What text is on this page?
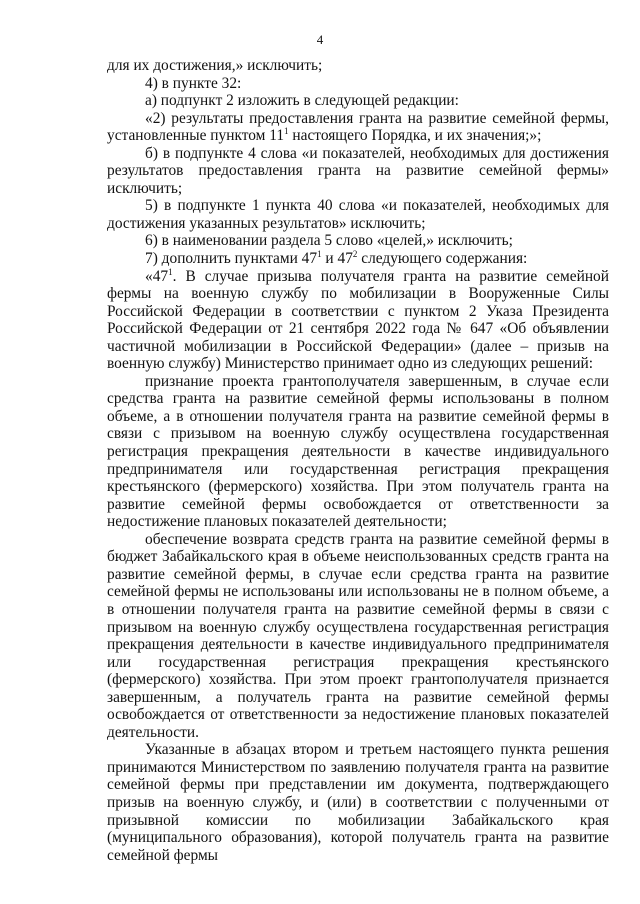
4

для их достижения,» исключить;

4) в пункте 32:

а) подпункт 2 изложить в следующей редакции:

«2) результаты предоставления гранта на развитие семейной фермы, установленные пунктом $11^1$ настоящего Порядка, и их значения;»;

б) в подпункте 4 слова «и показателей, необходимых для достижения результатов предоставления гранта на развитие семейной фермы» исключить;

5) в подпункте 1 пункта 40 слова «и показателей, необходимых для достижения указанных результатов» исключить;

6) в наименовании раздела 5 слово «целей,» исключить;

7) дополнить пунктами $47^1$ и $47^2$ следующего содержания:

«$47^1$. В случае призыва получателя гранта на развитие семейной фермы на военную службу по мобилизации в Вооруженные Силы Российской Федерации в соответствии с пунктом 2 Указа Президента Российской Федерации от 21 сентября 2022 года № 647 «Об объявлении частичной мобилизации в Российской Федерации» (далее – призыв на военную службу) Министерство принимает одно из следующих решений:

признание проекта грантополучателя завершенным, в случае если средства гранта на развитие семейной фермы использованы в полном объеме, а в отношении получателя гранта на развитие семейной фермы в связи с призывом на военную службу осуществлена государственная регистрация прекращения деятельности в качестве индивидуального предпринимателя или государственная регистрация прекращения крестьянского (фермерского) хозяйства. При этом получатель гранта на развитие семейной фермы освобождается от ответственности за недостижение плановых показателей деятельности;

обеспечение возврата средств гранта на развитие семейной фермы в бюджет Забайкальского края в объеме неиспользованных средств гранта на развитие семейной фермы, в случае если средства гранта на развитие семейной фермы не использованы или использованы не в полном объеме, а в отношении получателя гранта на развитие семейной фермы в связи с призывом на военную службу осуществлена государственная регистрация прекращения деятельности в качестве индивидуального предпринимателя или государственная регистрация прекращения крестьянского (фермерского) хозяйства. При этом проект грантополучателя признается завершенным, а получатель гранта на развитие семейной фермы освобождается от ответственности за недостижение плановых показателей деятельности.

Указанные в абзацах втором и третьем настоящего пункта решения принимаются Министерством по заявлению получателя гранта на развитие семейной фермы при представлении им документа, подтверждающего призыв на военную службу, и (или) в соответствии с полученными от призывной комиссии по мобилизации Забайкальского края (муниципального образования), которой получатель гранта на развитие семейной фермы
